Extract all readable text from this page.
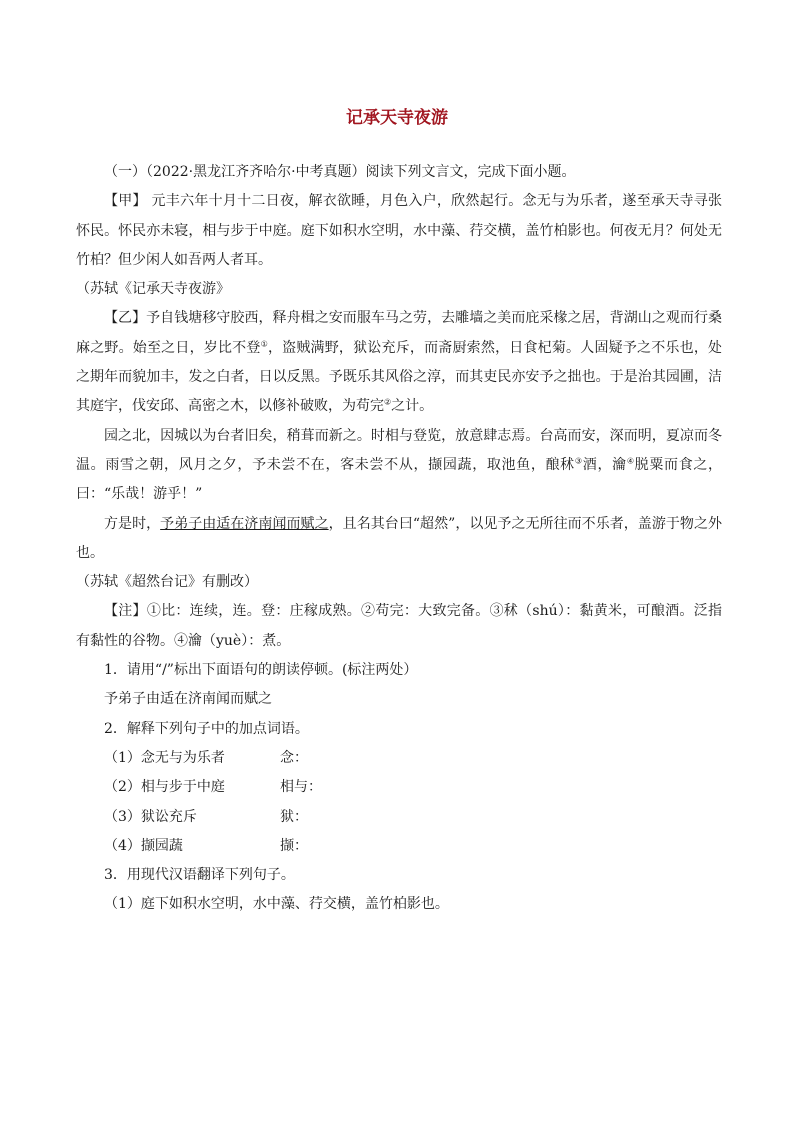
记承天寺夜游

（一）（2022·黑龙江齐齐哈尔·中考真题）阅读下列文言文，完成下面小题。

【甲】 元丰六年十月十二日夜，解衣欲睡，月色入户，欣然起行。念无与为乐者，遂至承天寺寻张怀民。怀民亦未寝，相与步于中庭。庭下如积水空明，水中藻、荇交横，盖竹柏影也。何夜无月？何处无竹柏？但少闲人如吾两人者耳。

（苏轼《记承天寺夜游》

【乙】予自钱塘移守胶西，释舟楫之安而服车马之劳，去雕墙之美而庇采椽之居，背湖山之观而行桑麻之野。始至之日，岁比不登①，盗贼满野，狱讼充斥，而斋厨索然，日食杞菊。人固疑予之不乐也，处之期年而貌加丰，发之白者，日以反黑。予既乐其风俗之淳，而其吏民亦安予之拙也。于是治其园圃，洁其庭宇，伐安邱、高密之木，以修补破败，为苟完②之计。

园之北，因城以为台者旧矣，稍葺而新之。时相与登览，放意肆志焉。台高而安，深而明，夏凉而冬温。雨雪之朝，风月之夕，予未尝不在，客未尝不从，撷园蔬，取池鱼，酿秫③酒，瀹④脱粟而食之，曰：“乐哉！游乎！”

方是时，予弟子由适在济南闻而赋之，且名其台曰“超然”，以见予之无所往而不乐者，盖游于物之外也。

（苏轼《超然台记》有删改）

【注】①比：连续，连。登：庄稼成熟。②苟完：大致完备。③秫（shú）：黏黄米，可酿酒。泛指有黏性的谷物。④瀹（yuè）：煮。

1．请用“/”标出下面语句的朗读停顿。(标注两处）

予弟子由适在济南闻而赋之

2．解释下列句子中的加点词语。

（1）念无与为乐者	念：
（2）相与步于中庭	相与：
（3）狱讼充斥	狱：
（4）撷园蔬	撷：

3．用现代汉语翻译下列句子。

（1）庭下如积水空明，水中藻、荇交横，盖竹柏影也。
